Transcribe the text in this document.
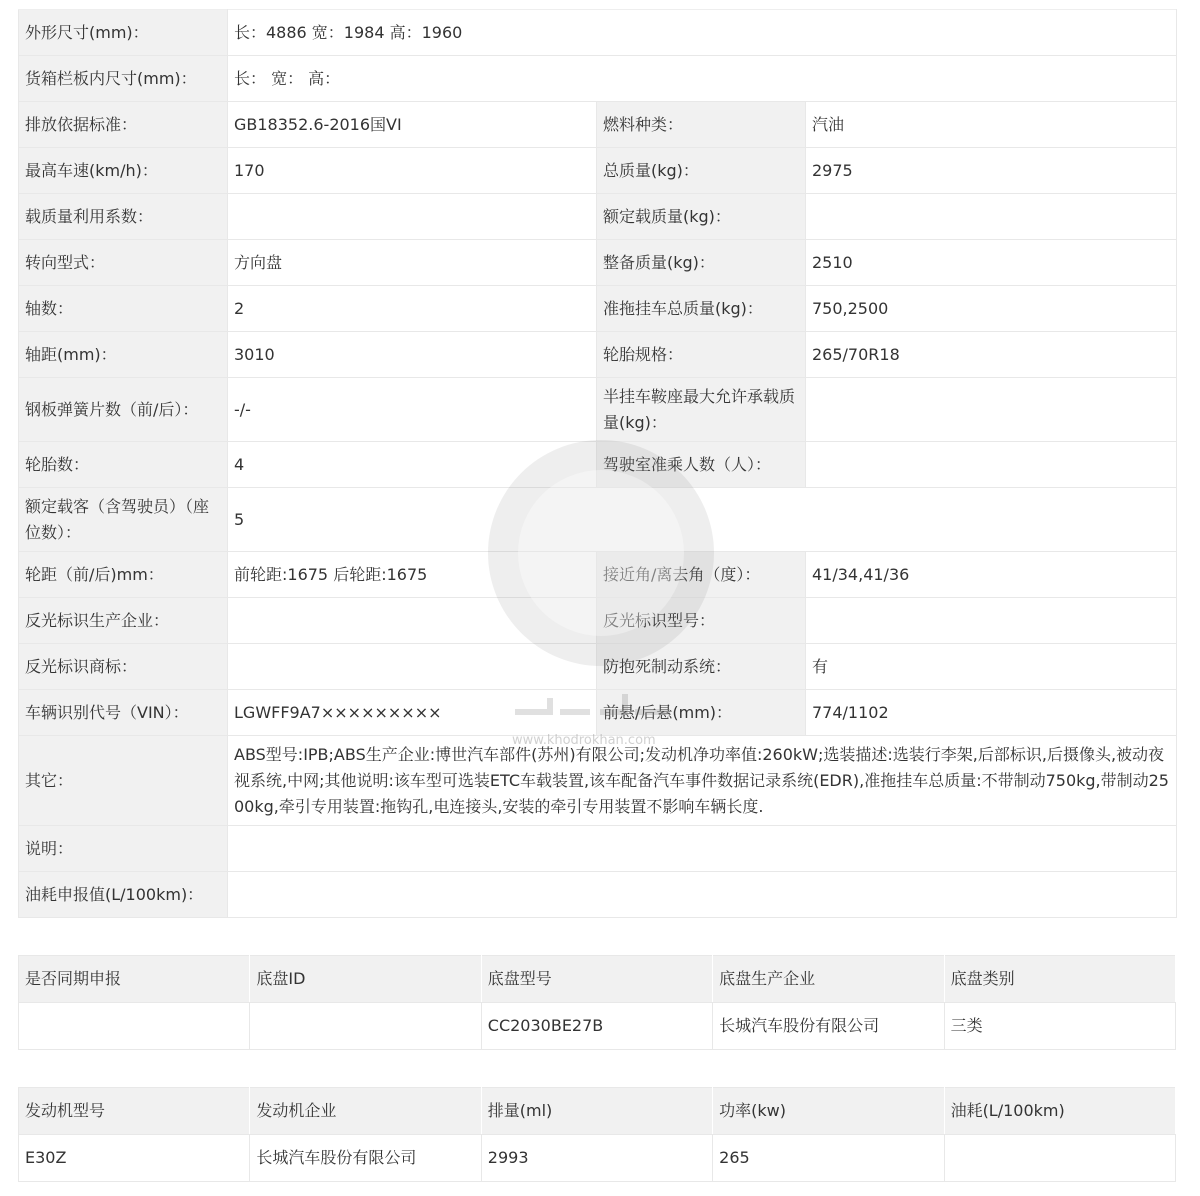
外形尺寸(mm)：	长：4886 宽：1984 高：1960		
货箱栏板内尺寸(mm)：	长： 宽： 高：		
排放依据标准：	GB18352.6-2016国VI	燃料种类：	汽油
最高车速(km/h)：	170	总质量(kg)：	2975
载质量利用系数：		额定载质量(kg)：	
转向型式：	方向盘	整备质量(kg)：	2510
轴数：	2	准拖挂车总质量(kg)：	750,2500
轴距(mm)：	3010	轮胎规格：	265/70R18
钢板弹簧片数（前/后）：	-/-	半挂车鞍座最大允许承载质量(kg)：	
轮胎数：	4	驾驶室准乘人数（人）：	
额定载客（含驾驶员）（座位数）：	5		
轮距（前/后)mm：	前轮距:1675 后轮距:1675	接近角/离去角（度）：	41/34,41/36
反光标识生产企业：		反光标识型号：	
反光标识商标：		防抱死制动系统：	有
车辆识别代号（VIN）：	LGWFF9A7×××××××××	前悬/后悬(mm)：	774/1102
其它：	ABS型号:IPB;ABS生产企业:博世汽车部件(苏州)有限公司;发动机净功率值:260kW;选装描述:选装行李架,后部标识,后摄像头,被动夜视系统,中网;其他说明:该车型可选装ETC车载装置,该车配备汽车事件数据记录系统(EDR),准拖挂车总质量:不带制动750kg,带制动2500kg,牵引专用装置:拖钩孔,电连接头,安装的牵引专用装置不影响车辆长度.		
说明：			
油耗申报值(L/100km)：			
是否同期申报	底盘ID	底盘型号	底盘生产企业	底盘类别
		CC2030BE27B	长城汽车股份有限公司	三类
发动机型号	发动机企业	排量(ml)	功率(kw)	油耗(L/100km)
E30Z	长城汽车股份有限公司	2993	265	
www.khodrokhan.com
